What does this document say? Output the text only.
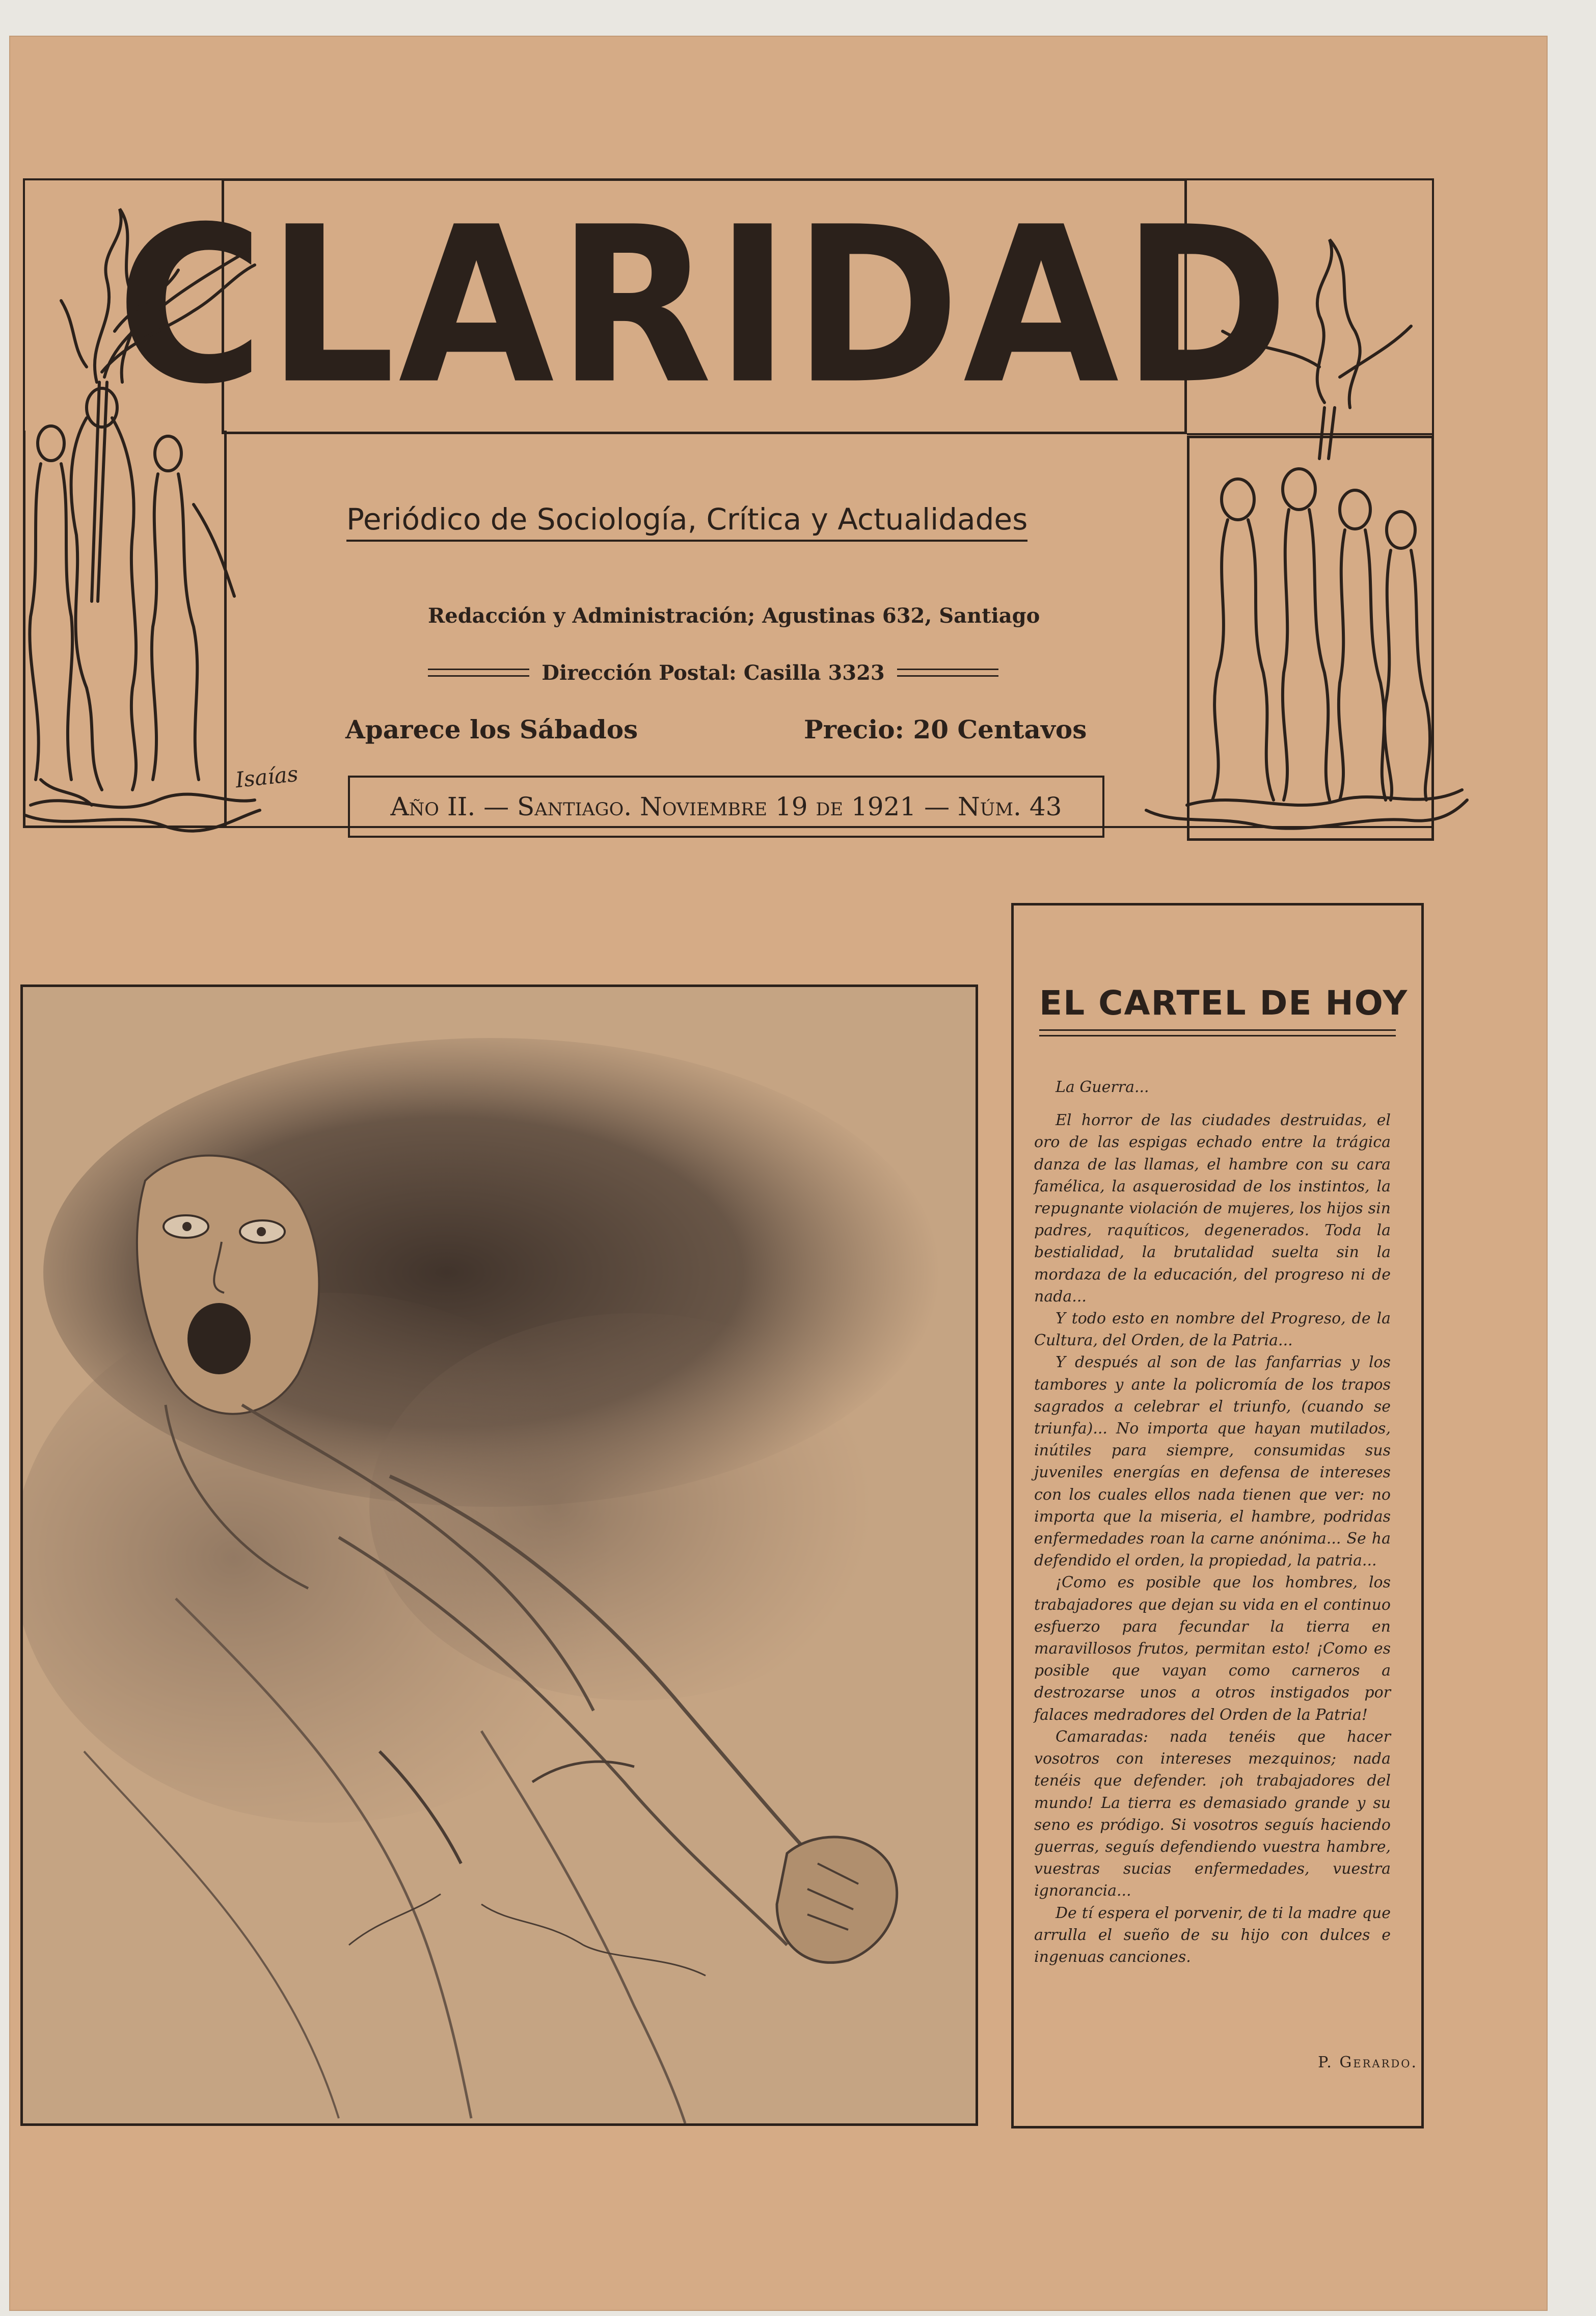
CLARIDAD
Periódico de Sociología, Crítica y Actualidades
Redacción y Administración; Agustinas 632, Santiago
Dirección Postal: Casilla 3323
Aparece los Sábados	Precio: 20 Centavos
Isaías
Año II. — Santiago. Noviembre 19 de 1921 — Núm. 43
EL CARTEL DE HOY

La Guerra...

El horror de las ciudades destruidas, el oro de las espigas echado entre la trágica danza de las llamas, el hambre con su cara famélica, la asquerosidad de los instintos, la repugnante violación de mujeres, los hijos sin padres, raquíticos, degenerados. Toda la bestialidad, la brutalidad suelta sin la mordaza de la educación, del progreso ni de nada...

Y todo esto en nombre del Progreso, de la Cultura, del Orden, de la Patria...

Y después al son de las fanfarrias y los tambores y ante la policromía de los trapos sagrados a celebrar el triunfo, (cuando se triunfa)... No importa que hayan mutilados, inútiles para siempre, consumidas sus juveniles energías en defensa de intereses con los cuales ellos nada tienen que ver: no importa que la miseria, el hambre, podridas enfermedades roan la carne anónima... Se ha defendido el orden, la propiedad, la patria...

¡Como es posible que los hombres, los trabajadores que dejan su vida en el continuo esfuerzo para fecundar la tierra en maravillosos frutos, permitan esto! ¡Como es posible que vayan como carneros a destrozarse unos a otros instigados por falaces medradores del Orden de la Patria!

Camaradas: nada tenéis que hacer vosotros con intereses mezquinos; nada tenéis que defender. ¡oh trabajadores del mundo! La tierra es demasiado grande y su seno es pródigo. Si vosotros seguís haciendo guerras, seguís defendiendo vuestra hambre, vuestras sucias enfermedades, vuestra ignorancia...

De tí espera el porvenir, de ti la madre que arrulla el sueño de su hijo con dulces e ingenuas canciones.

P. Gerardo.
